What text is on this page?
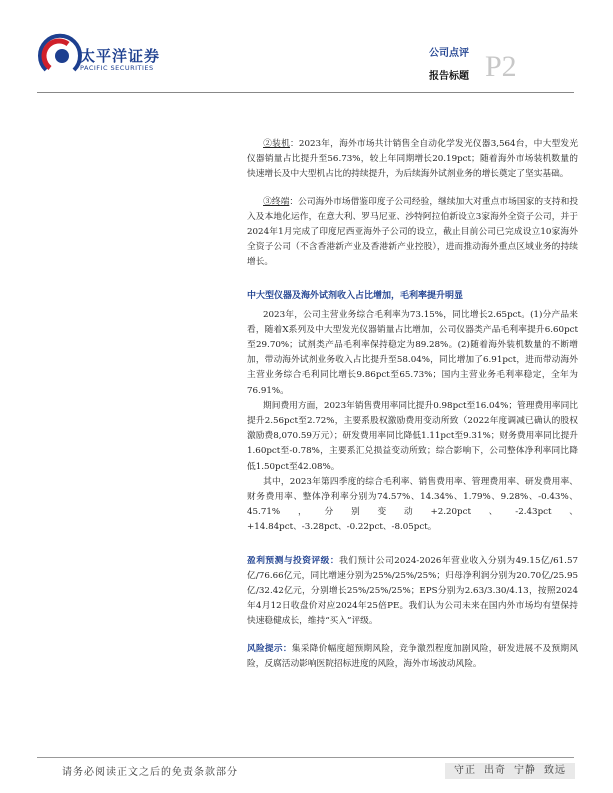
太平洋证券
PACIFIC SECURITIES
公司点评
报告标题 P2

②装机：2023年，海外市场共计销售全自动化学发光仪器3,564台，中大型发光仪器销量占比提升至56.73%，较上年同期增长20.19pct；随着海外市场装机数量的快速增长及中大型机占比的持续提升，为后续海外试剂业务的增长奠定了坚实基础。

③终端：公司海外市场借鉴印度子公司经验，继续加大对重点市场国家的支持和投入及本地化运作，在意大利、罗马尼亚、沙特阿拉伯新设立3家海外全资子公司，并于2024年1月完成了印度尼西亚海外子公司的设立，截止目前公司已完成设立10家海外全资子公司（不含香港新产业及香港新产业控股），进而推动海外重点区域业务的持续增长。

中大型仪器及海外试剂收入占比增加，毛利率提升明显

2023年，公司主营业务综合毛利率为73.15%，同比增长2.65pct。(1)分产品来看，随着X系列及中大型发光仪器销量占比增加，公司仪器类产品毛利率提升6.60pct至29.70%；试剂类产品毛利率保持稳定为89.28%。(2)随着海外装机数量的不断增加，带动海外试剂业务收入占比提升至58.04%，同比增加了6.91pct，进而带动海外主营业务综合毛利同比增长9.86pct至65.73%；国内主营业务毛利率稳定，全年为76.91%。

期间费用方面，2023年销售费用率同比提升0.98pct至16.04%；管理费用率同比提升2.56pct至2.72%，主要系股权激励费用变动所致（2022年度调减已确认的股权激励费8,070.59万元）；研发费用率同比降低1.11pct至9.31%；财务费用率同比提升1.60pct至-0.78%，主要系汇兑损益变动所致；综合影响下，公司整体净利率同比降低1.50pct至42.08%。

其中，2023年第四季度的综合毛利率、销售费用率、管理费用率、研发费用率、财务费用率、整体净利率分别为74.57%、14.34%、1.79%、9.28%、-0.43%、45.71%，分别变动+2.20pct、-2.43pct、+14.84pct、-3.28pct、-0.22pct、-8.05pct。

盈利预测与投资评级：我们预计公司2024-2026年营业收入分别为49.15亿/61.57亿/76.66亿元，同比增速分别为25%/25%/25%；归母净利润分别为20.70亿/25.95亿/32.42亿元，分别增长25%/25%/25%；EPS分别为2.63/3.30/4.13，按照2024年4月12日收盘价对应2024年25倍PE。我们认为公司未来在国内外市场均有望保持快速稳健成长，维持“买入”评级。

风险提示：集采降价幅度超预期风险，竞争激烈程度加剧风险，研发进展不及预期风险，反腐活动影响医院招标进度的风险，海外市场波动风险。

请务必阅读正文之后的免责条款部分	守正 出奇 宁静 致远
